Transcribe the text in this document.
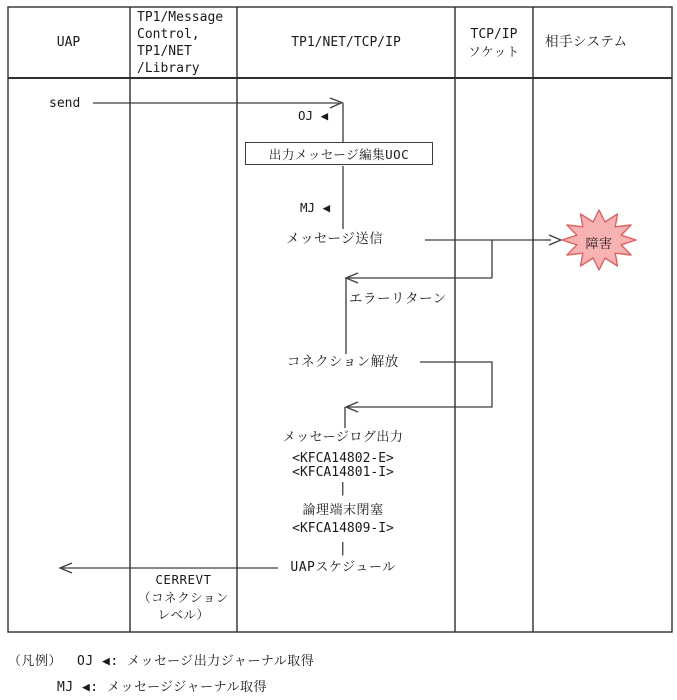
UAP
TP1/Message
Control,
TP1/NET
/Library
TP1/NET/TCP/IP
TCP/IP
ソケット
相手システム
send
OJ ◀
出力メッセージ編集UOC
MJ ◀
メッセージ送信	障害
エラーリターン
コネクション解放
メッセージログ出力
<KFCA14802-E>
<KFCA14801-I>
|
論理端末閉塞
<KFCA14809-I>
|
UAPスケジュール
CERREVT
（コネクション
レベル）
（凡例） OJ ◀: メッセージ出力ジャーナル取得
MJ ◀: メッセージジャーナル取得
